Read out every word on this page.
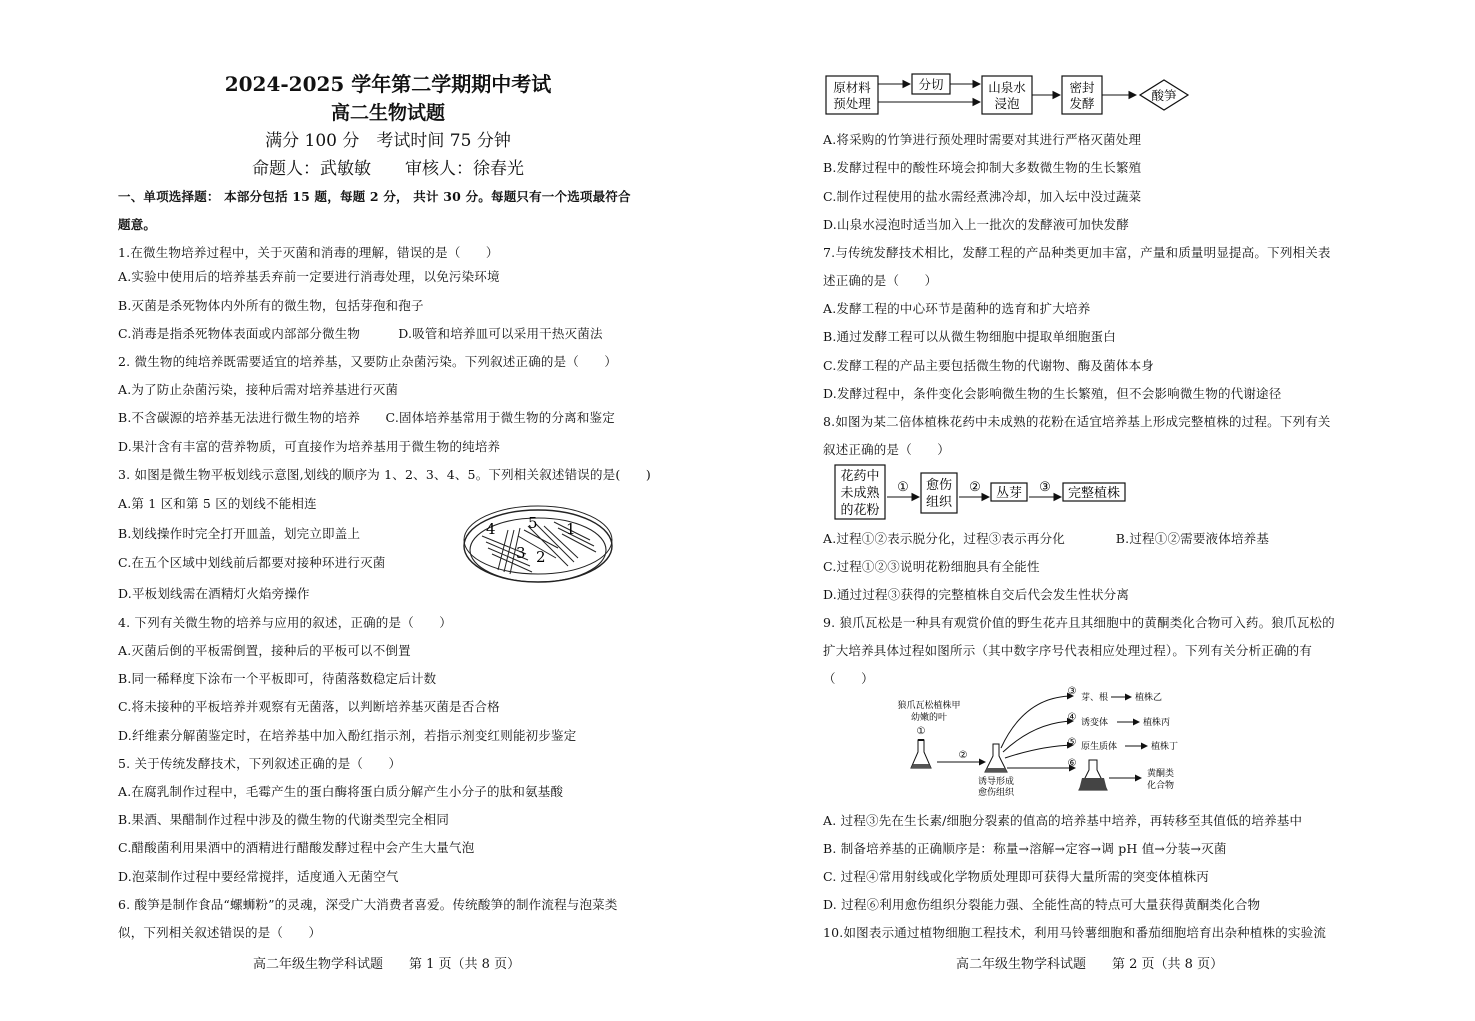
2024-2025 学年第二学期期中考试
高二生物试题
满分 100 分　考试时间 75 分钟
命题人：武敏敏　　审核人：徐春光
一、单项选择题： 本部分包括 15 题，每题 2 分， 共计 30 分。每题只有一个选项最符合
题意。
1.在微生物培养过程中，关于灭菌和消毒的理解，错误的是（　　）
A.实验中使用后的培养基丢弃前一定要进行消毒处理，以免污染环境
B.灭菌是杀死物体内外所有的微生物，包括芽孢和孢子
C.消毒是指杀死物体表面或内部部分微生物　　　D.吸管和培养皿可以采用干热灭菌法
2. 微生物的纯培养既需要适宜的培养基，又要防止杂菌污染。下列叙述正确的是（　　）
A.为了防止杂菌污染，接种后需对培养基进行灭菌
B.不含碳源的培养基无法进行微生物的培养　　C.固体培养基常用于微生物的分离和鉴定
D.果汁含有丰富的营养物质，可直接作为培养基用于微生物的纯培养
3. 如图是微生物平板划线示意图,划线的顺序为 1、2、3、4、5。下列相关叙述错误的是(　　)
A.第 1 区和第 5 区的划线不能相连
B.划线操作时完全打开皿盖，划完立即盖上
C.在五个区域中划线前后都要对接种环进行灭菌
D.平板划线需在酒精灯火焰旁操作
4. 下列有关微生物的培养与应用的叙述，正确的是（　　）
A.灭菌后倒的平板需倒置，接种后的平板可以不倒置
B.同一稀释度下涂布一个平板即可，待菌落数稳定后计数
C.将未接种的平板培养并观察有无菌落，以判断培养基灭菌是否合格
D.纤维素分解菌鉴定时，在培养基中加入酚红指示剂，若指示剂变红则能初步鉴定
5. 关于传统发酵技术，下列叙述正确的是（　　）
A.在腐乳制作过程中，毛霉产生的蛋白酶将蛋白质分解产生小分子的肽和氨基酸
B.果酒、果醋制作过程中涉及的微生物的代谢类型完全相同
C.醋酸菌利用果酒中的酒精进行醋酸发酵过程中会产生大量气泡
D.泡菜制作过程中要经常搅拌，适度通入无菌空气
6. 酸笋是制作食品“螺蛳粉”的灵魂，深受广大消费者喜爱。传统酸笋的制作流程与泡菜类
似，下列相关叙述错误的是（　　）
4 5 1
3 2
高二年级生物学科试题　　第 1 页（共 8 页）
原材料
预处理
分切	山泉水
浸泡
密封
发酵
酸笋
A.将采购的竹笋进行预处理时需要对其进行严格灭菌处理
B.发酵过程中的酸性环境会抑制大多数微生物的生长繁殖
C.制作过程使用的盐水需经煮沸冷却，加入坛中没过蔬菜
D.山泉水浸泡时适当加入上一批次的发酵液可加快发酵
7.与传统发酵技术相比，发酵工程的产品种类更加丰富，产量和质量明显提高。下列相关表
述正确的是（　　）
A.发酵工程的中心环节是菌种的选育和扩大培养
B.通过发酵工程可以从微生物细胞中提取单细胞蛋白
C.发酵工程的产品主要包括微生物的代谢物、酶及菌体本身
D.发酵过程中，条件变化会影响微生物的生长繁殖，但不会影响微生物的代谢途径
8.如图为某二倍体植株花药中未成熟的花粉在适宜培养基上形成完整植株的过程。下列有关
叙述正确的是（　　）
A.过程①②表示脱分化，过程③表示再分化　　　　B.过程①②需要液体培养基
C.过程①②③说明花粉细胞具有全能性
D.通过过程③获得的完整植株自交后代会发生性状分离
9. 狼爪瓦松是一种具有观赏价值的野生花卉且其细胞中的黄酮类化合物可入药。狼爪瓦松的
扩大培养具体过程如图所示（其中数字序号代表相应处理过程）。下列有关分析正确的有
（　　）
A. 过程③先在生长素/细胞分裂素的值高的培养基中培养，再转移至其值低的培养基中
B. 制备培养基的正确顺序是：称量→溶解→定容→调 pH 值→分装→灭菌
C. 过程④常用射线或化学物质处理即可获得大量所需的突变体植株丙
D. 过程⑥利用愈伤组织分裂能力强、全能性高的特点可大量获得黄酮类化合物
10.如图表示通过植物细胞工程技术，利用马铃薯细胞和番茄细胞培育出杂种植株的实验流
花药中
未成熟
的花粉
① 愈伤
组织
② 丛芽 ③ 完整植株
狼爪瓦松植株甲
幼嫩的叶
①
②
诱导形成
愈伤组织
③
芽、根	植株乙
④ 诱变体	植株丙
⑤ 原生质体	植株丁
⑥
黄酮类
化合物
高二年级生物学科试题　　第 2 页（共 8 页）
